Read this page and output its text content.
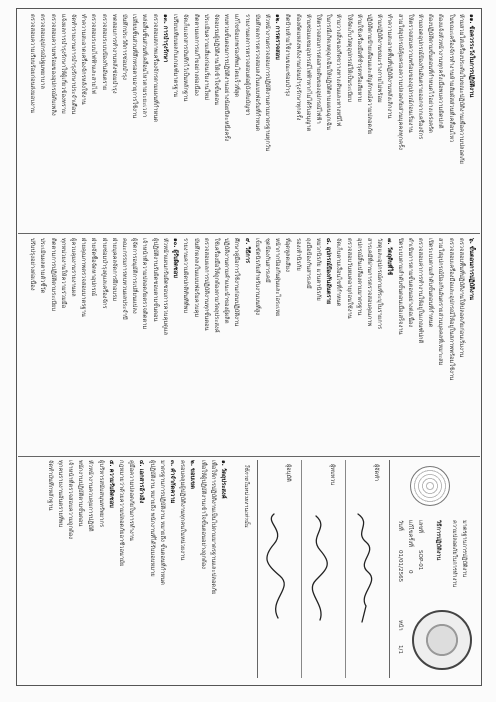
๑๑. ข้อควรระวังในการปฏิบัติงาน
ห้ามสวมใส่เครื่องประดับในขณะปฏิบัติงานเพื่อความปลอดภัย
ในขณะเครื่องจักรทำงานห้ามสัมผัสส่วนที่เคลื่อนไหว
ต้องแจ้งหัวหน้างานทุกครั้งเมื่อพบความผิดปกติ
ต้องปฏิบัติตามขั้นตอนที่กำหนดไว้อย่างเคร่งครัด
ห้ามถอดอุปกรณ์ป้องกันอันตรายออกจากเครื่องจักร
ให้ตรวจสอบความพร้อมของอุปกรณ์ก่อนเริ่มงาน
สวมใส่อุปกรณ์คุ้มครองความปลอดภัยส่วนบุคคลทุกครั้ง
ทำความสะอาดพื้นที่ปฏิบัติงานหลังเลิกงาน
ห้ามปฏิบัติงานขณะร่างกายไม่พร้อม
ปฏิบัติตามป้ายเตือนและสัญลักษณ์ความปลอดภัย
ห้ามใช้เครื่องมือที่ชำรุดหรือเสียหาย
ให้จัดเก็บวัสดุอุปกรณ์ให้เป็นระเบียบ
ห้ามวางสิ่งของกีดขวางทางเดินและทางหนีไฟ
ในกรณีเกิดเหตุฉุกเฉินให้ปฏิบัติตามแผนฉุกเฉิน
ให้ตรวจสอบการต่อสายดินของอุปกรณ์ไฟฟ้า
ห้ามซ่อมแซมอุปกรณ์ไฟฟ้าหากไม่ได้รับอนุญาต
ต้องตัดแหล่งพลังงานก่อนบำรุงรักษาทุกครั้ง
ติดป้ายห้ามใช้งานขณะซ่อมบำรุง
๑๒. การตรวจสอบ
หัวหน้างานตรวจสอบการปฏิบัติงานตามมาตรฐานทุกวัน
บันทึกผลการตรวจสอบลงในแบบฟอร์มที่กำหนด
รายงานผลการตรวจสอบต่อผู้บังคับบัญชา
แก้ไขข้อบกพร่องที่พบโดยเร็วที่สุด
ทบทวนขั้นตอนการปฏิบัติงานอย่างน้อยปีละหนึ่งครั้ง
จัดอบรมผู้ปฏิบัติงานให้เข้าใจขั้นตอน
ประเมินความเสี่ยงก่อนเริ่มงานใหม่
ติดตามผลการแก้ไขอย่างต่อเนื่อง
จัดเก็บเอกสารบันทึกไว้เป็นหลักฐาน
เปรียบเทียบผลกับเกณฑ์มาตรฐาน
๑๓. การบำรุงรักษา
ตรวจสอบสภาพเครื่องจักรตามแผนที่กำหนด
หล่อลื่นชิ้นส่วนที่เคลื่อนไหวตามระยะเวลา
เปลี่ยนชิ้นส่วนที่สึกหรอตามอายุการใช้งาน
บันทึกประวัติการซ่อมบำรุง
ทดสอบการทำงานหลังซ่อมบำรุง
ตรวจสอบระบบป้องกันอันตราย
ตรวจสอบระบบไฟฟ้าและสายไฟ
ทำความสะอาดเครื่องจักรหลังใช้งาน
จัดทำรายงานการบำรุงรักษาประจำเดือน
แจ้งผลการบำรุงรักษาให้ผู้เกี่ยวข้องทราบ
ตรวจสอบความพร้อมของอุปกรณ์ดับเพลิง
ตรวจสอบอุปกรณ์ปฐมพยาบาล
ตรวจสอบความเรียบร้อยก่อนส่งมอบงาน
๖. ขั้นตอนการปฏิบัติงาน
ตรวจสอบพื้นที่ปฏิบัติงานให้ปลอดภัยก่อนเริ่มงาน
ตรวจสอบเครื่องมือและอุปกรณ์ให้อยู่ในสภาพพร้อมใช้งาน
สวมใส่อุปกรณ์ป้องกันอันตรายส่วนบุคคลที่เหมาะสม
เปิดระบบตามลำดับขั้นตอนที่กำหนด
ตรวจสอบค่าการทำงานให้อยู่ในเกณฑ์ปกติ
ดำเนินการตามขั้นตอนอย่างต่อเนื่อง
ปิดระบบตามลำดับขั้นตอนเมื่อเสร็จงาน
๗. วัตถุดิบที่ใช้
วัสดุและอุปกรณ์ตามที่ระบุในรายการ
สารเคมีที่ผ่านการตรวจสอบคุณภาพ
อุปกรณ์สิ้นเปลืองตามมาตรฐาน
ตรวจสอบวันหมดอายุก่อนใช้งาน
จัดเก็บตามเงื่อนไขที่กำหนด
๘. อุปกรณ์ป้องกันอันตราย
หมวกนิรภัย แว่นตานิรภัย
ถุงมือป้องกันสารเคมี
รองเท้านิรภัย
ที่อุดหูลดเสียง
หน้ากากป้องกันฝุ่นและไอระเหย
ชุดป้องกันสารเคมี
เข็มขัดนิรภัยสำหรับงานบนที่สูง
๙. วิธีการ
ศึกษาคู่มือการใช้งานก่อนปฏิบัติงาน
ปฏิบัติงานตามคำแนะนำของผู้ผลิต
ใช้เครื่องมือให้ถูกต้องตามวัตถุประสงค์
ตรวจสอบผลการปฏิบัติงานทุกขั้นตอน
บันทึกผลลงในแบบฟอร์มควบคุม
รายงานความผิดปกติทันทีที่พบ
๑๐. ผู้รับผิดชอบ
หัวหน้าแผนกรับผิดชอบการควบคุมดูแล
ผู้ปฏิบัติงานรับผิดชอบตามขั้นตอน
เจ้าหน้าที่ความปลอดภัยตรวจติดตาม
ผู้จัดการอนุมัติการเปลี่ยนแปลง
คณะกรรมการทบทวนผลประจำปี
ฝ่ายบุคคลจัดการฝึกอบรม
ฝ่ายซ่อมบำรุงดูแลเครื่องจักร
ฝ่ายจัดซื้อจัดหาอุปกรณ์
ฝ่ายคุณภาพตรวจสอบมาตรฐาน
ผู้ควบคุมงานรายงานผล
ทุกหน่วยงานให้ความร่วมมือ
ติดตามการปฏิบัติตามระเบียบ
ประเมินผลตามตัวชี้วัด
ปรับปรุงอย่างต่อเนื่อง
มาตรฐานการปฏิบัติงาน
ความปลอดภัยในการทำงาน
วิธีการปฏิบัติงาน
เลขที่
SOP-01
แก้ไขครั้งที่
0
วันที่
01/01/2565
หน้า
1/1
ผู้จัดทำ
ผู้ทบทวน
ผู้อนุมัติ
ใช้ภายในหน่วยงานเท่านั้น
๑. วัตถุประสงค์
เพื่อให้การปฏิบัติงานเป็นไปตามมาตรฐานและปลอดภัย
เพื่อให้ผู้ปฏิบัติงานเข้าใจขั้นตอนอย่างถูกต้อง
๒. ขอบเขต
ครอบคลุมผู้ปฏิบัติงานทุกคนในหน่วยงาน
๓. คำจำกัดความ
มาตรฐานการปฏิบัติงาน หมายถึง ขั้นตอนที่กำหนด
ผู้ปฏิบัติงาน หมายถึง พนักงานที่ได้รับมอบหมาย
๔. เอกสารอ้างอิง
คู่มือความปลอดภัยในการทำงาน
กฎหมายว่าด้วยความปลอดภัยอาชีวอนามัย
๕. ความรับผิดชอบ
ผู้บริหารสนับสนุนทรัพยากร
หัวหน้างานควบคุมการปฏิบัติ
พนักงานปฏิบัติตามขั้นตอน
เจ้าหน้าที่ตรวจสอบความถูกต้อง
ทุกคนรายงานอันตรายที่พบ
จัดทำบันทึกหลักฐาน
